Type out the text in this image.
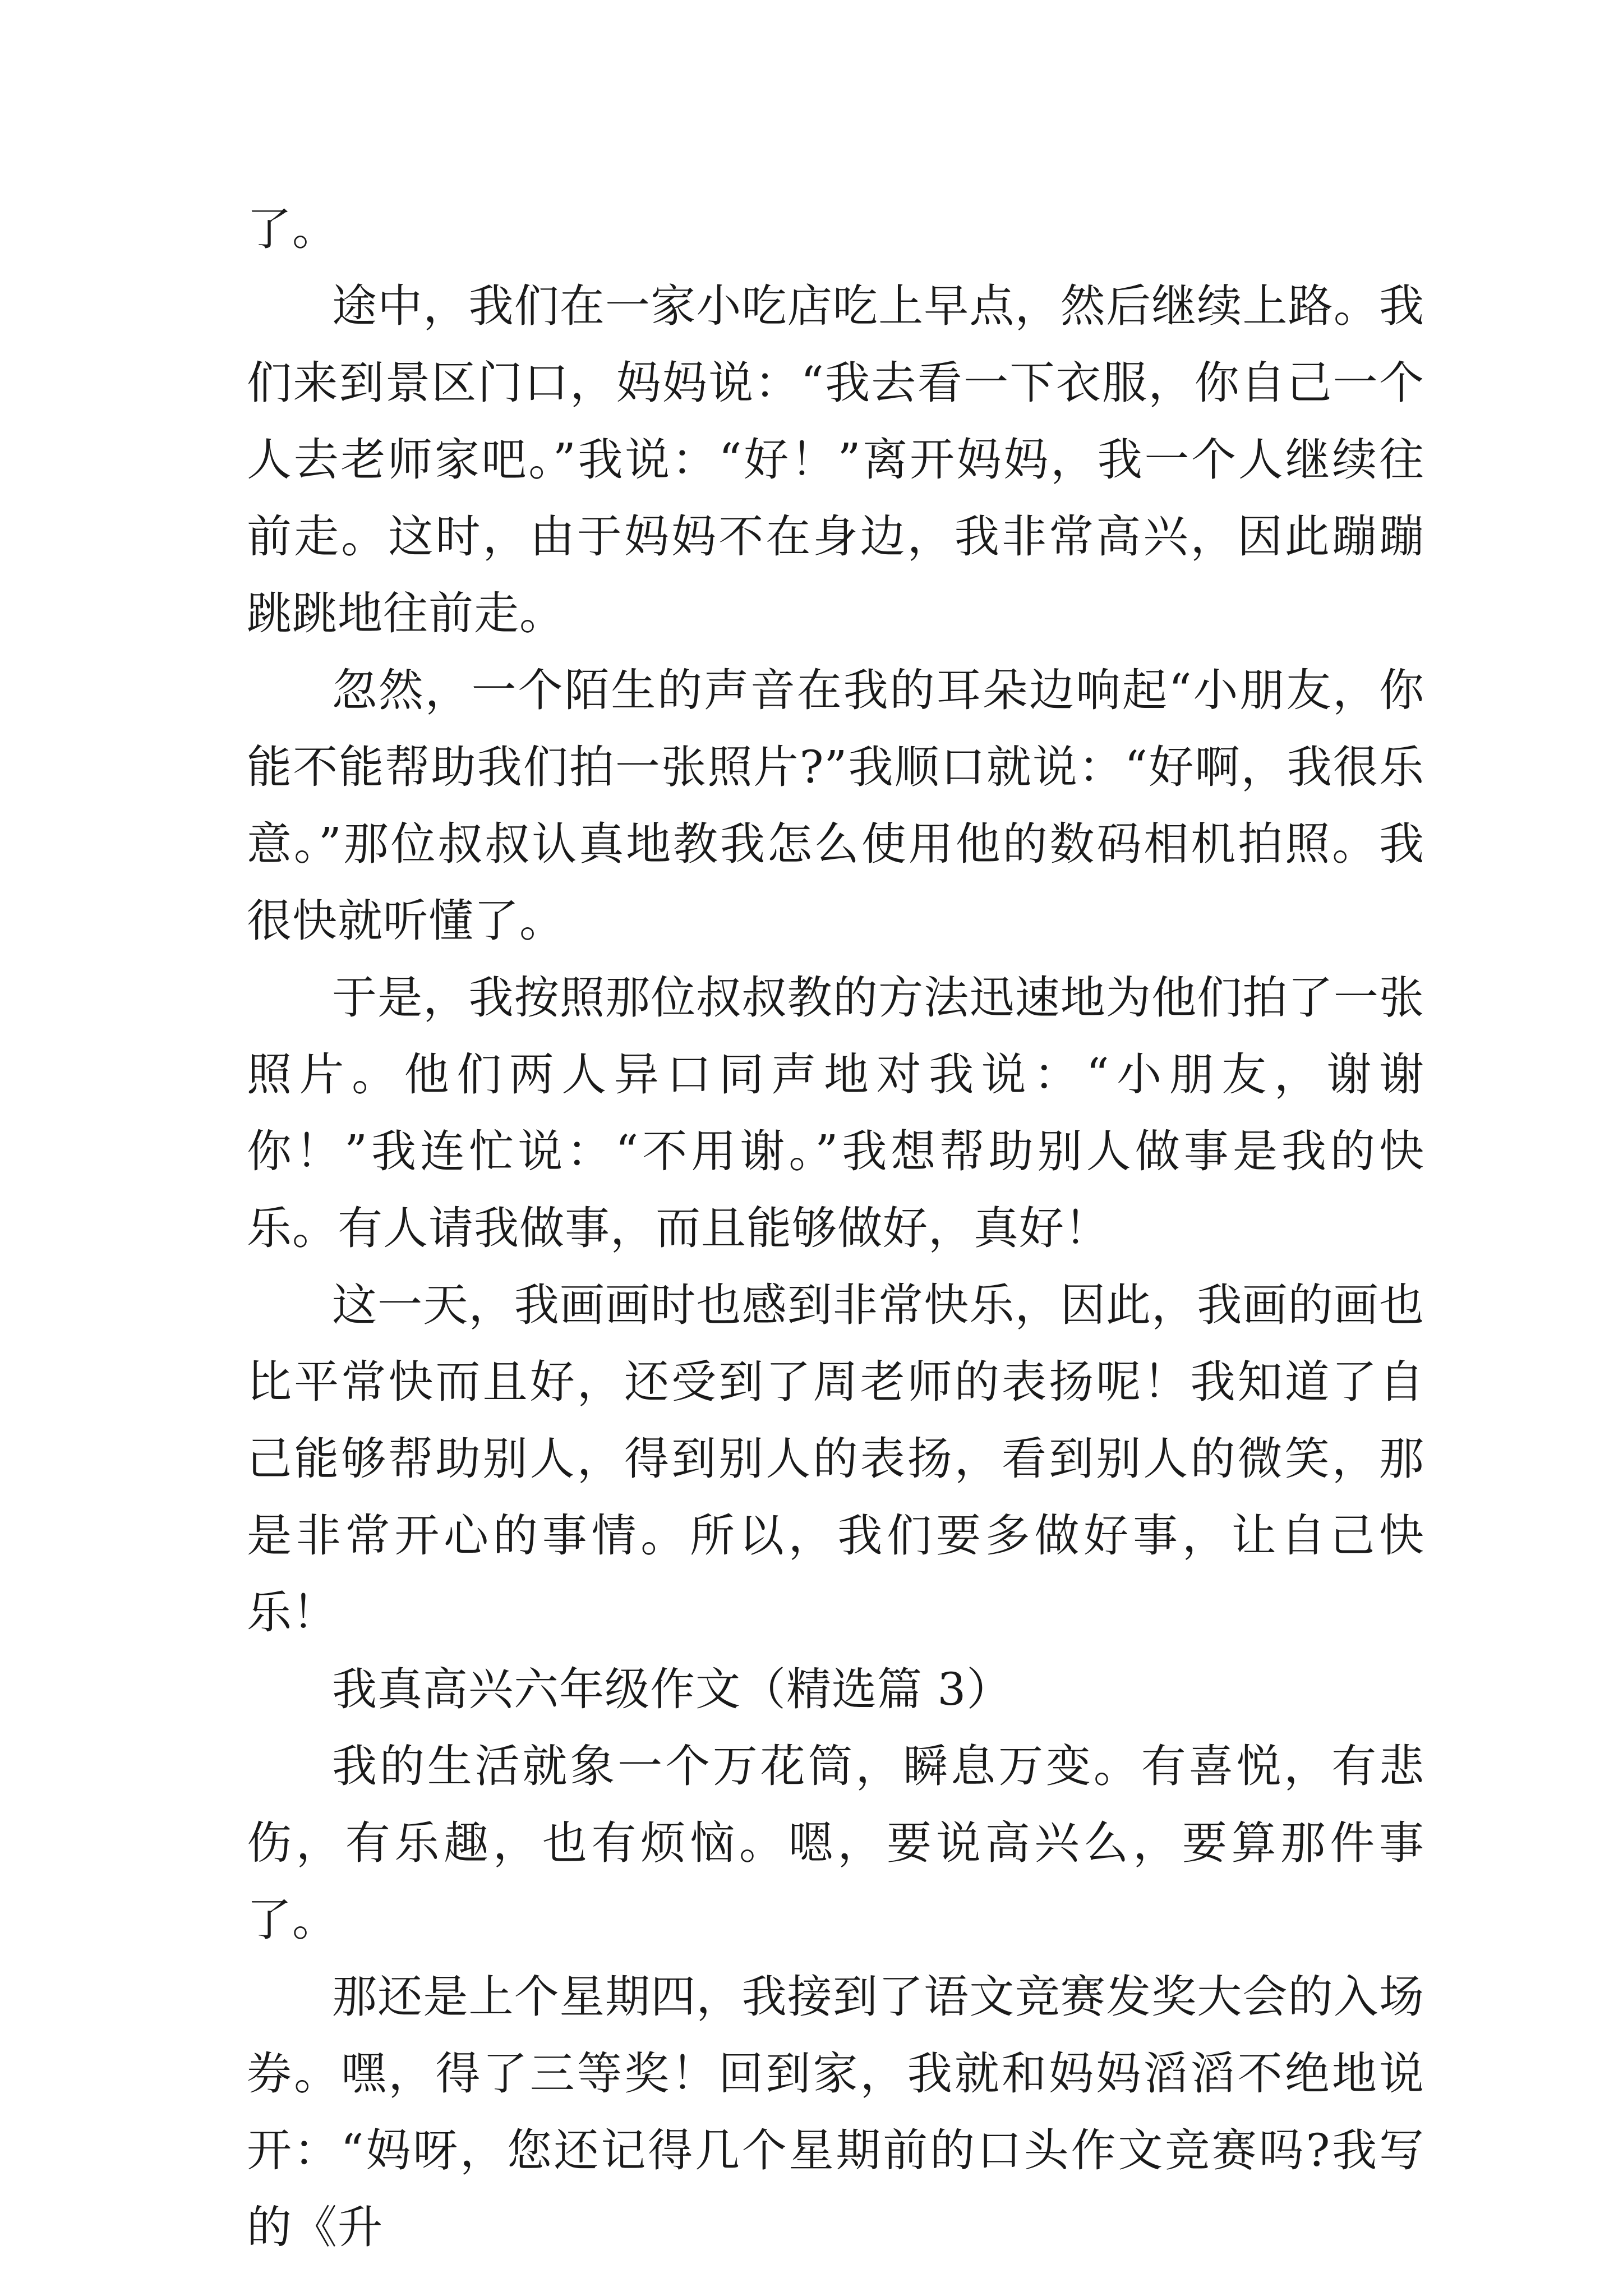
了。

途中，我们在一家小吃店吃上早点，然后继续上路。我们来到景区门口，妈妈说：“我去看一下衣服，你自己一个人去老师家吧。”我说：“好！”离开妈妈，我一个人继续往前走。这时，由于妈妈不在身边，我非常高兴，因此蹦蹦跳跳地往前走。

忽然，一个陌生的声音在我的耳朵边响起“小朋友，你能不能帮助我们拍一张照片?”我顺口就说：“好啊，我很乐意。”那位叔叔认真地教我怎么使用他的数码相机拍照。我很快就听懂了。

于是，我按照那位叔叔教的方法迅速地为他们拍了一张照片。他们两人异口同声地对我说：“小朋友，谢谢你！”我连忙说：“不用谢。”我想帮助别人做事是我的快乐。有人请我做事，而且能够做好，真好！

这一天，我画画时也感到非常快乐，因此，我画的画也比平常快而且好，还受到了周老师的表扬呢！我知道了自己能够帮助别人，得到别人的表扬，看到别人的微笑，那是非常开心的事情。所以，我们要多做好事，让自己快乐！

我真高兴六年级作文（精选篇 3）

我的生活就象一个万花筒，瞬息万变。有喜悦，有悲伤，有乐趣，也有烦恼。嗯，要说高兴么，要算那件事了。

那还是上个星期四，我接到了语文竞赛发奖大会的入场券。嘿，得了三等奖！回到家，我就和妈妈滔滔不绝地说开：“妈呀，您还记得几个星期前的口头作文竞赛吗?我写的《升
